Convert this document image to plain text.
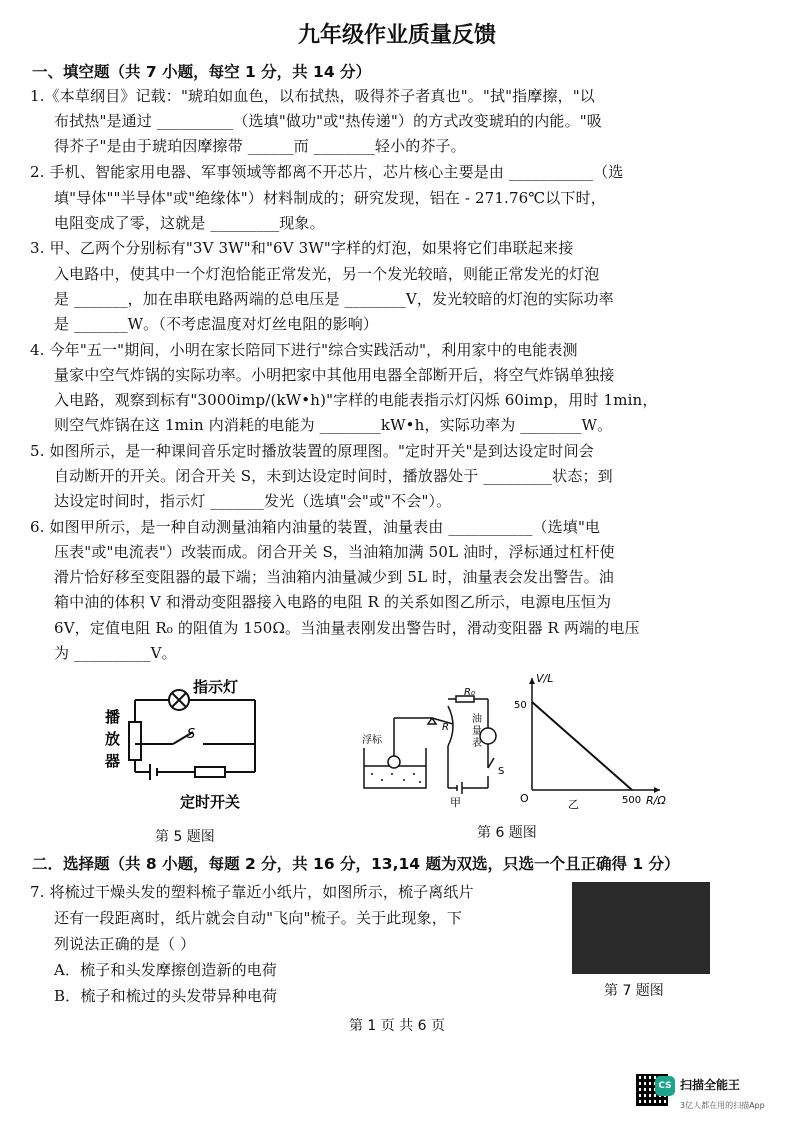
九年级作业质量反馈
一、填空题（共 7 小题，每空 1 分，共 14 分）
1.《本草纲目》记载："琥珀如血色，以布拭热，吸得芥子者真也"。"拭"指摩擦，"以
布拭热"是通过 __________（选填"做功"或"热传递"）的方式改变琥珀的内能。"吸
得芥子"是由于琥珀因摩擦带 ______而 ________轻小的芥子。
2. 手机、智能家用电器、军事领域等都离不开芯片，芯片核心主要是由 ___________（选
填"导体""半导体"或"绝缘体"）材料制成的；研究发现，铝在 - 271.76℃以下时，
电阻变成了零，这就是 _________现象。
3. 甲、乙两个分别标有"3V 3W"和"6V 3W"字样的灯泡，如果将它们串联起来接
入电路中，使其中一个灯泡恰能正常发光，另一个发光较暗，则能正常发光的灯泡
是 _______，加在串联电路两端的总电压是 ________V，发光较暗的灯泡的实际功率
是 _______W。（不考虑温度对灯丝电阻的影响）
4. 今年"五一"期间，小明在家长陪同下进行"综合实践活动"，利用家中的电能表测
量家中空气炸锅的实际功率。小明把家中其他用电器全部断开后，将空气炸锅单独接
入电路，观察到标有"3000imp/(kW•h)"字样的电能表指示灯闪烁 60imp，用时 1min，
则空气炸锅在这 1min 内消耗的电能为 ________kW•h，实际功率为 ________W。
5. 如图所示，是一种课间音乐定时播放装置的原理图。"定时开关"是到达设定时间会
自动断开的开关。闭合开关 S，未到达设定时间时，播放器处于 _________状态；到
达设定时间时，指示灯 _______发光（选填"会"或"不会"）。
6. 如图甲所示，是一种自动测量油箱内油量的装置，油量表由 ___________（选填"电
压表"或"电流表"）改装而成。闭合开关 S，当油箱加满 50L 油时，浮标通过杠杆使
滑片恰好移至变阻器的最下端；当油箱内油量减少到 5L 时，油量表会发出警告。油
箱中油的体积 V 和滑动变阻器接入电路的电阻 R 的关系如图乙所示，电源电压恒为
6V，定值电阻 R₀ 的阻值为 150Ω。当油量表刚发出警告时，滑动变阻器 R 两端的电压
为 __________V。
指示灯
S
定时开关
播 放 器
第 5 题图
R₀
R
S
浮标
油 量 表
甲
V/L
R/Ω
O
50
500
乙
第 6 题图
二．选择题（共 8 小题，每题 2 分，共 16 分，13,14 题为双选，只选一个且正确得 1 分）
7. 将梳过干燥头发的塑料梳子靠近小纸片，如图所示，梳子离纸片
还有一段距离时，纸片就会自动"飞向"梳子。关于此现象，下
列说法正确的是（ ）
A．梳子和头发摩擦创造新的电荷
B．梳子和梳过的头发带异种电荷	第 7 题图
第 1 页 共 6 页
CS 扫描全能王
3亿人都在用的扫描App
